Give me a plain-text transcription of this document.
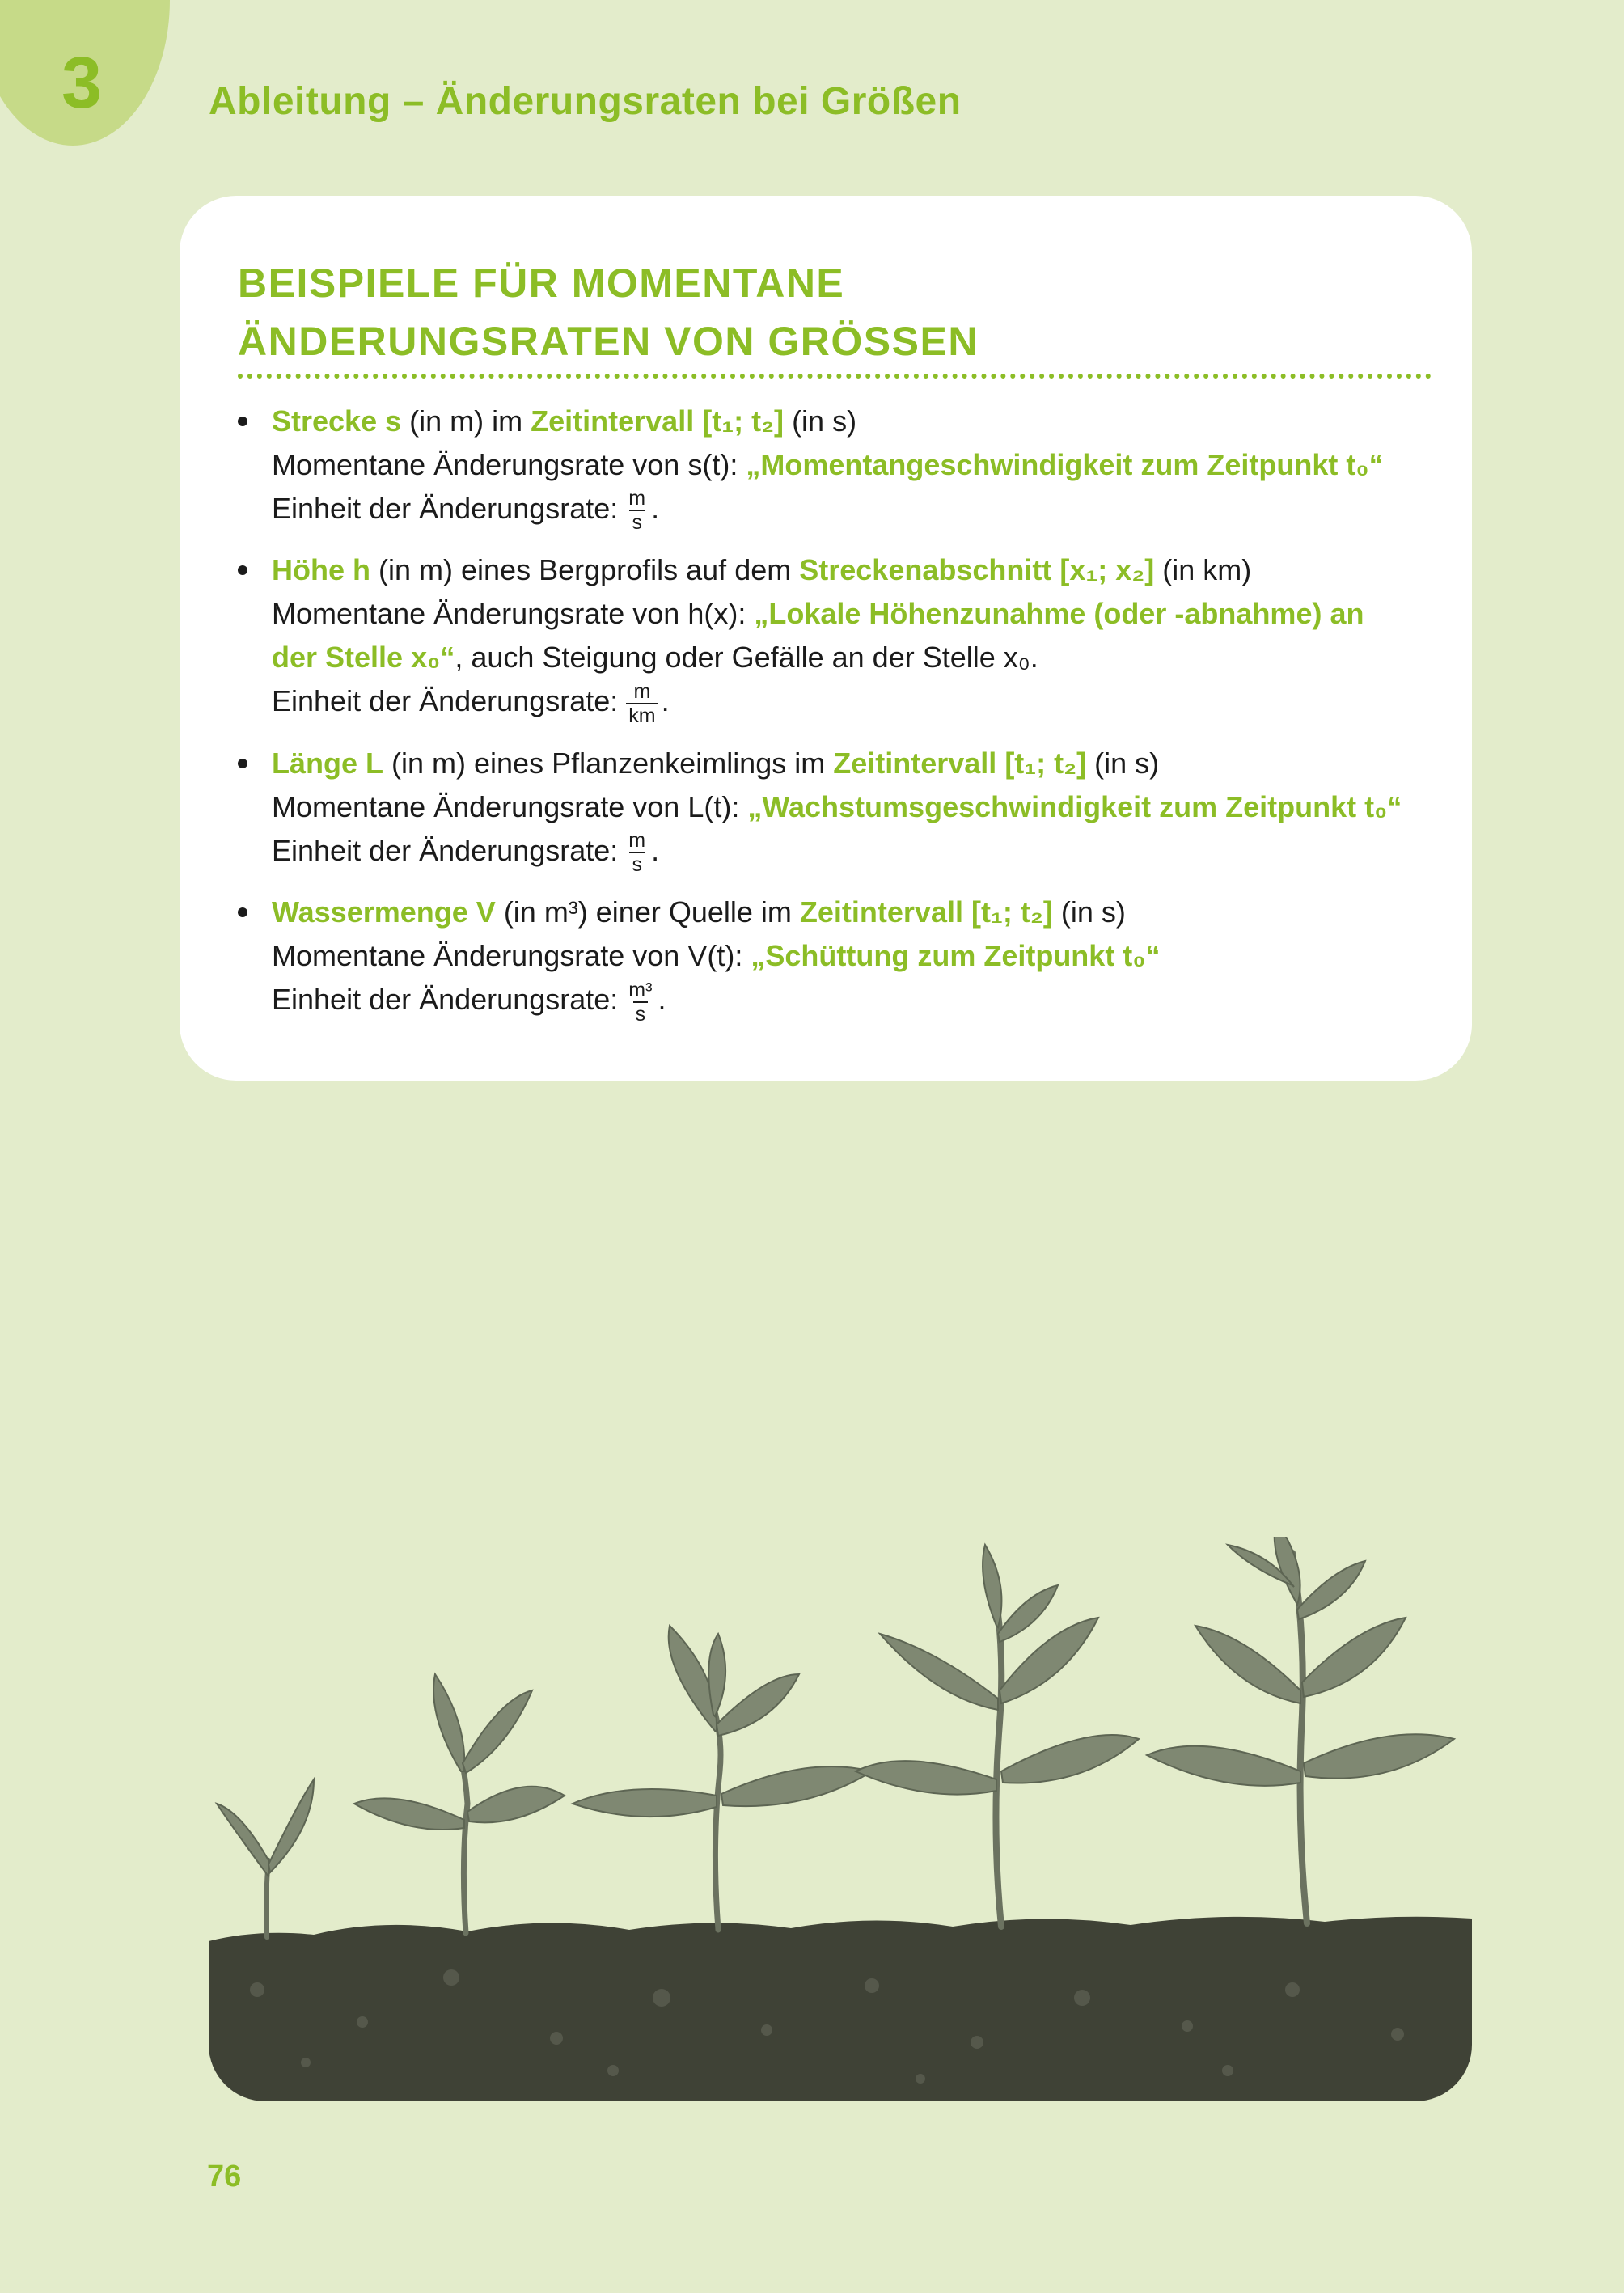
3	Ableitung – Änderungsraten bei Größen
BEISPIELE FÜR MOMENTANE
ÄNDERUNGSRATEN VON GRÖSSEN
Strecke s (in m) im Zeitintervall [t₁; t₂] (in s)
Momentane Änderungsrate von s(t): „Momentangeschwindigkeit zum Zeitpunkt t₀“
Einheit der Änderungsrate: $\frac{m}{s}$ .
Höhe h (in m) eines Bergprofils auf dem Streckenabschnitt [x₁; x₂] (in km)
Momentane Änderungsrate von h(x): „Lokale Höhenzunahme (oder -abnahme) an
der Stelle x₀“, auch Steigung oder Gefälle an der Stelle x₀.
Einheit der Änderungsrate: $\frac{m}{km}$ .
Länge L (in m) eines Pflanzenkeimlings im Zeitintervall [t₁; t₂] (in s)
Momentane Änderungsrate von L(t): „Wachstumsgeschwindigkeit zum Zeitpunkt t₀“
Einheit der Änderungsrate: $\frac{m}{s}$ .
Wassermenge V (in m³) einer Quelle im Zeitintervall [t₁; t₂] (in s)
Momentane Änderungsrate von V(t): „Schüttung zum Zeitpunkt t₀“
Einheit der Änderungsrate: $\frac{\text{m³}}{s}$ .
76
